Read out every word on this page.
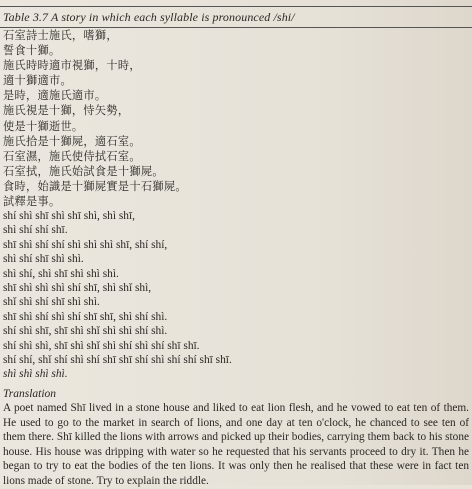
Table 3.7 A story in which each syllable is pronounced /shi/
石室詩士施氏，嗜獅，
誓食十獅。
施氏時時適市視獅，十時，
適十獅適市。
是時，適施氏適市。
施氏視是十獅，恃矢勢，
使是十獅逝世。
施氏拾是十獅屍，適石室。
石室濕，施氏使侍拭石室。
石室拭，施氏始試食是十獅屍。
食時，始識是十獅屍實是十石獅屍。
試釋是事。
shí shì shī shì shī shì, shì shī,
shì shí shí shī.
shī shì shí shí shì shì shì shī, shí shí,
shì shí shī shì shì.
shì shí, shì shī shì shì shì.
shī shì shì shì shí shī, shì shǐ shì,
shǐ shì shí shī shì shì.
shī shì shí shì shí shī shī, shì shí shì.
shí shì shī, shī shì shǐ shì shì shí shì.
shí shì shì, shī shì shǐ shì shí shì shí shī shī.
shí shí, shǐ shí shì shí shī shī shí shì shí shí shī shī.
shì shì shì shì.
Translation
A poet named Shī lived in a stone house and liked to eat lion flesh, and he vowed to eat ten of them. He used to go to the market in search of lions, and one day at ten o'clock, he chanced to see ten of them there. Shī killed the lions with arrows and picked up their bodies, carrying them back to his stone house. His house was dripping with water so he requested that his servants proceed to dry it. Then he began to try to eat the bodies of the ten lions. It was only then he realised that these were in fact ten lions made of stone. Try to explain the riddle.
